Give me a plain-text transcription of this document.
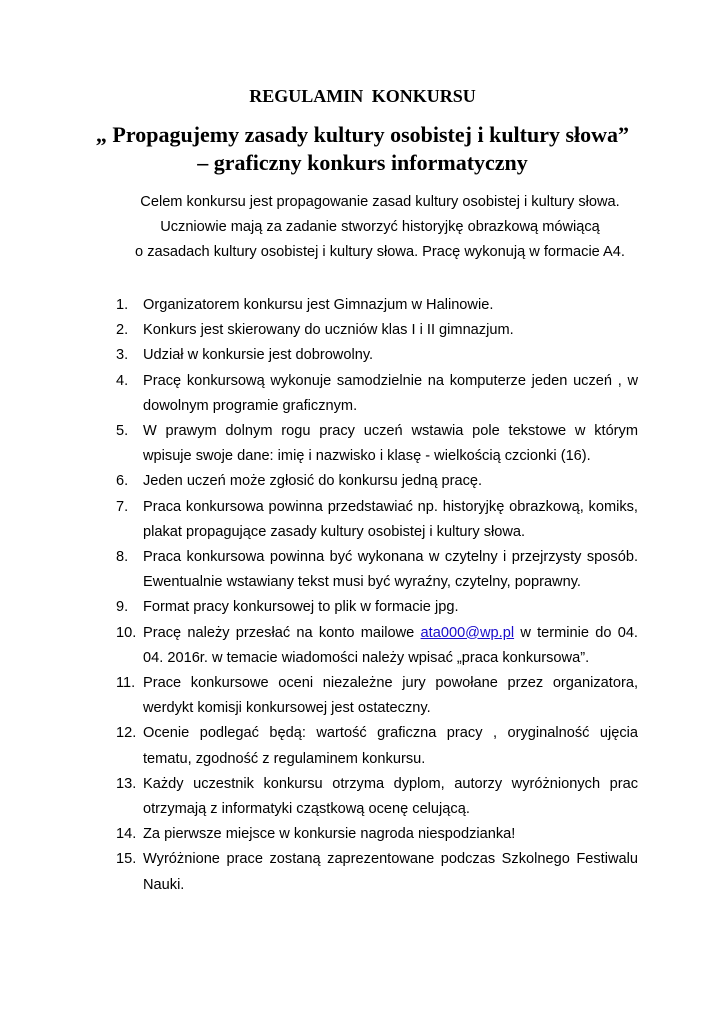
REGULAMIN KONKURSU
„ Propagujemy zasady kultury osobistej i kultury słowa”
– graficzny konkurs informatyczny

Celem konkursu jest propagowanie zasad kultury osobistej i kultury słowa.

Uczniowie mają za zadanie stworzyć historyjkę obrazkową mówiącą

o zasadach kultury osobistej i kultury słowa. Pracę wykonują w formacie A4.

1. Organizatorem konkursu jest Gimnazjum w Halinowie.
2. Konkurs jest skierowany do uczniów klas I i II gimnazjum.
3. Udział w konkursie jest dobrowolny.
4. Pracę konkursową wykonuje samodzielnie na komputerze jeden uczeń , w dowolnym programie graficznym.
5. W prawym dolnym rogu pracy uczeń wstawia pole tekstowe w którym wpisuje swoje dane: imię i nazwisko i klasę - wielkością czcionki (16).
6. Jeden uczeń może zgłosić do konkursu jedną pracę.
7. Praca konkursowa powinna przedstawiać np. historyjkę obrazkową, komiks, plakat propagujące zasady kultury osobistej i kultury słowa.
8. Praca konkursowa powinna być wykonana w czytelny i przejrzysty sposób. Ewentualnie wstawiany tekst musi być wyraźny, czytelny, poprawny.
9. Format pracy konkursowej to plik w formacie jpg.
10. Pracę należy przesłać na konto mailowe ata000@wp.pl w terminie do 04. 04. 2016r. w temacie wiadomości należy wpisać „praca konkursowa”.
11. Prace konkursowe oceni niezależne jury powołane przez organizatora, werdykt komisji konkursowej jest ostateczny.
12. Ocenie podlegać będą: wartość graficzna pracy , oryginalność ujęcia tematu, zgodność z regulaminem konkursu.
13. Każdy uczestnik konkursu otrzyma dyplom, autorzy wyróżnionych prac otrzymają z informatyki cząstkową ocenę celującą.
14. Za pierwsze miejsce w konkursie nagroda niespodzianka!
15. Wyróżnione prace zostaną zaprezentowane podczas Szkolnego Festiwalu Nauki.
